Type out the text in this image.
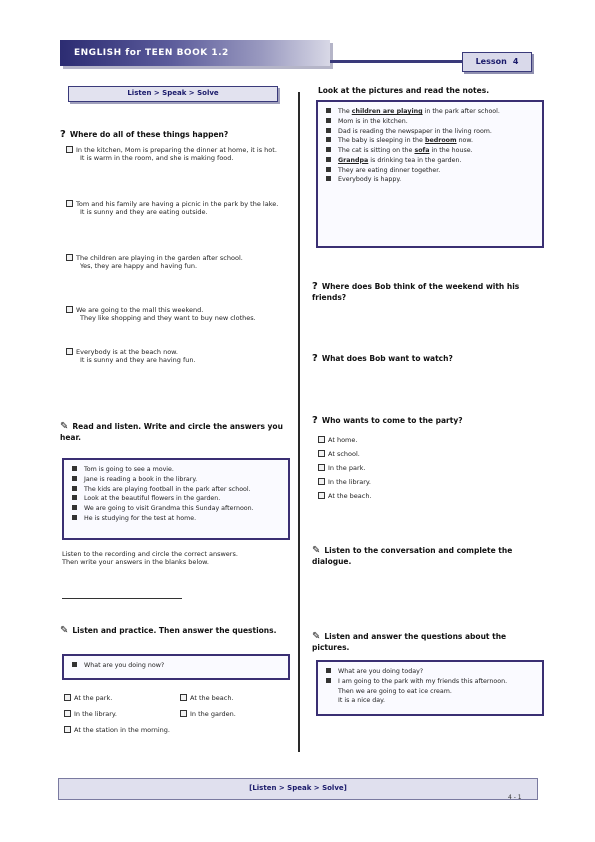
ENGLISH for TEEN BOOK 1.2
Lesson 4
Listen > Speak > Solve
? Where do all of these things happen?
In the kitchen, Mom is preparing the dinner at home, it is hot.
It is warm in the room, and she is making food.
Tom and his family are having a picnic in the park by the lake.
It is sunny and they are eating outside.
The children are playing in the garden after school.
Yes, they are happy and having fun.
We are going to the mall this weekend.
They like shopping and they want to buy new clothes.
Everybody is at the beach now.
It is sunny and they are having fun.
✎ Read and listen. Write and circle the answers you hear.
Tom is going to see a movie.
Jane is reading a book in the library.
The kids are playing football in the park after school.
Look at the beautiful flowers in the garden.
We are going to visit Grandma this Sunday afternoon.
He is studying for the test at home.
Listen to the recording and circle the correct answers.
Then write your answers in the blanks below.
✎ Listen and practice. Then answer the questions.
What are you doing now?
At the park.	At the beach.
In the library.	In the garden.
At the station in the morning.
Look at the pictures and read the notes.
The children are playing in the park after school.
Mom is in the kitchen.
Dad is reading the newspaper in the living room.
The baby is sleeping in the bedroom now.
The cat is sitting on the sofa in the house.
Grandpa is drinking tea in the garden.
They are eating dinner together.
Everybody is happy.
? Where does Bob think of the weekend with his friends?
? What does Bob want to watch?
? Who wants to come to the party?
At home.
At school.
In the park.
In the library.
At the beach.
✎ Listen to the conversation and complete the dialogue.
✎ Listen and answer the questions about the pictures.
What are you doing today?
I am going to the park with my friends this afternoon.
Then we are going to eat ice cream.
It is a nice day.
[Listen > Speak > Solve]
4 - 1
